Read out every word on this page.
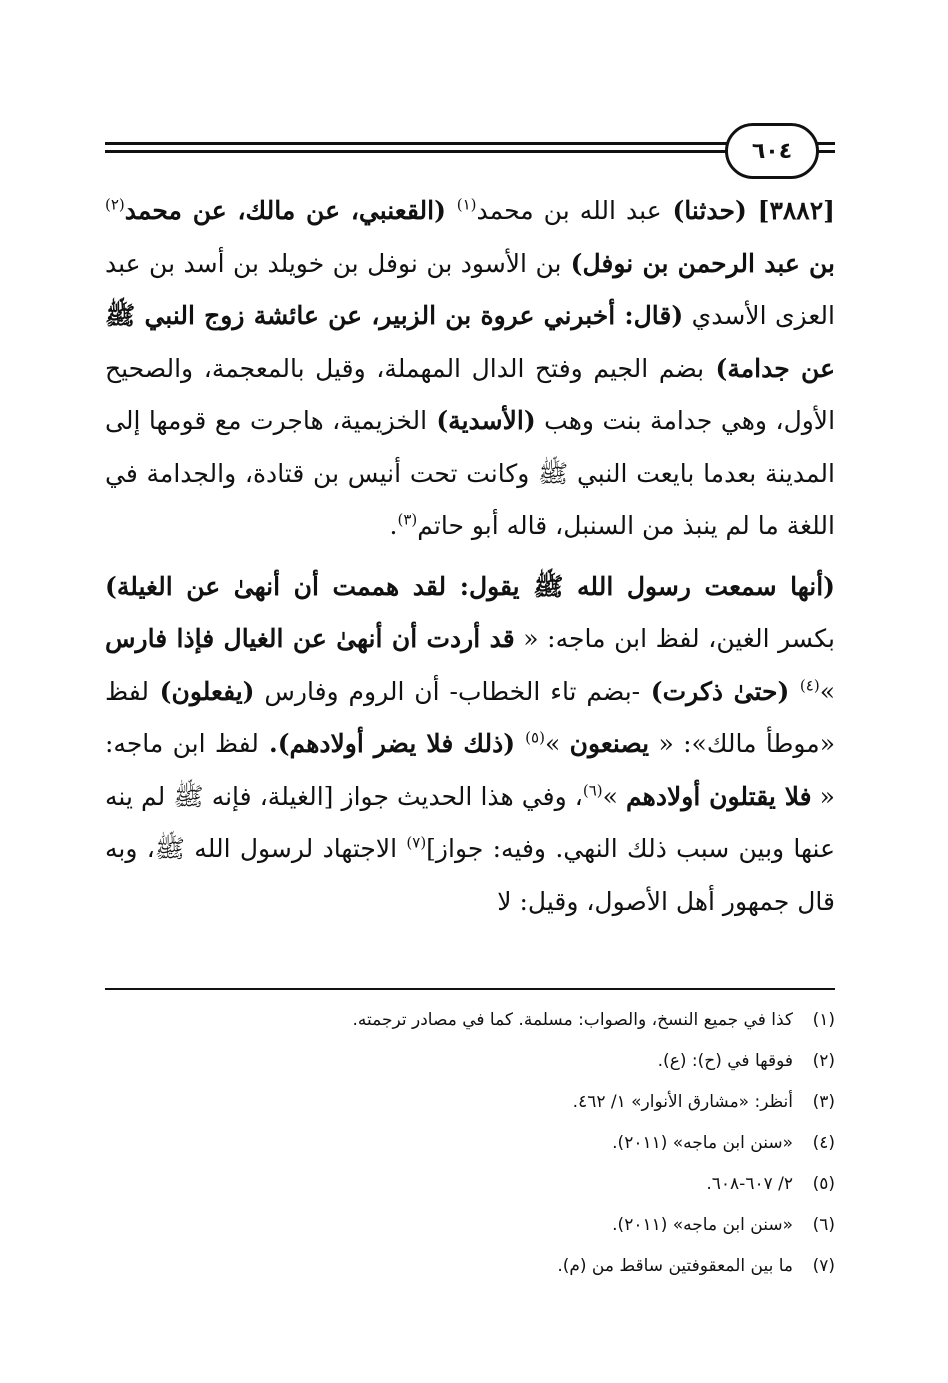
٦٠٤

[٣٨٨٢] (حدثنا) عبد الله بن محمد$^{(١)}$ (القعنبي، عن مالك، عن محمد$^{(٢)}$ بن عبد الرحمن بن نوفل) بن الأسود بن نوفل بن خويلد بن أسد بن عبد العزى الأسدي (قال: أخبرني عروة بن الزبير، عن عائشة زوج النبي ﷺ عن جدامة) بضم الجيم وفتح الدال المهملة، وقيل بالمعجمة، والصحيح الأول، وهي جدامة بنت وهب (الأسدية) الخزيمية، هاجرت مع قومها إلى المدينة بعدما بايعت النبي ﷺ وكانت تحت أنيس بن قتادة، والجدامة في اللغة ما لم ينبذ من السنبل، قاله أبو حاتم$^{(٣)}$.

(أنها سمعت رسول الله ﷺ يقول: لقد هممت أن أنهىٰ عن الغيلة) بكسر الغين، لفظ ابن ماجه: « قد أردت أن أنهىٰ عن الغيال فإذا فارس »$^{(٤)}$ (حتىٰ ذكرت) -بضم تاء الخطاب- أن الروم وفارس (يفعلون) لفظ «موطأ مالك»: « يصنعون »$^{(٥)}$ (ذلك فلا يضر أولادهم). لفظ ابن ماجه: « فلا يقتلون أولادهم »$^{(٦)}$، وفي هذا الحديث جواز [الغيلة، فإنه ﷺ لم ينه عنها وبين سبب ذلك النهي. وفيه: جواز]$^{(٧)}$ الاجتهاد لرسول الله ﷺ، وبه قال جمهور أهل الأصول، وقيل: لا

(١)
كذا في جميع النسخ، والصواب: مسلمة. كما في مصادر ترجمته.
(٢)
فوقها في (ح): (ع).
(٣)
أنظر: «مشارق الأنوار» ١/ ٤٦٢.
(٤)
«سنن ابن ماجه» (٢٠١١).
(٥)
٢/ ٦٠٧-٦٠٨.
(٦)
«سنن ابن ماجه» (٢٠١١).
(٧)
ما بين المعقوفتين ساقط من (م).
